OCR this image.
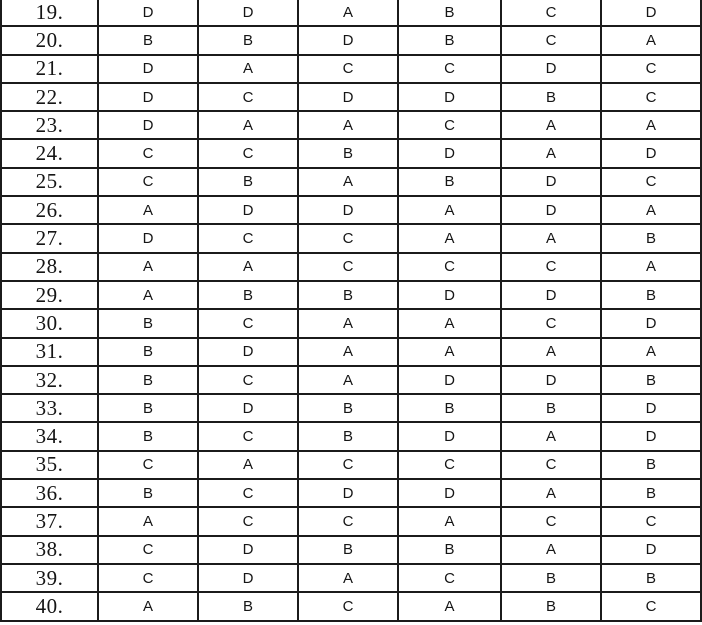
19.	D	D	A	B	C	D
20.	B	B	D	B	C	A
21.	D	A	C	C	D	C
22.	D	C	D	D	B	C
23.	D	A	A	C	A	A
24.	C	C	B	D	A	D
25.	C	B	A	B	D	C
26.	A	D	D	A	D	A
27.	D	C	C	A	A	B
28.	A	A	C	C	C	A
29.	A	B	B	D	D	B
30.	B	C	A	A	C	D
31.	B	D	A	A	A	A
32.	B	C	A	D	D	B
33.	B	D	B	B	B	D
34.	B	C	B	D	A	D
35.	C	A	C	C	C	B
36.	B	C	D	D	A	B
37.	A	C	C	A	C	C
38.	C	D	B	B	A	D
39.	C	D	A	C	B	B
40.	A	B	C	A	B	C
